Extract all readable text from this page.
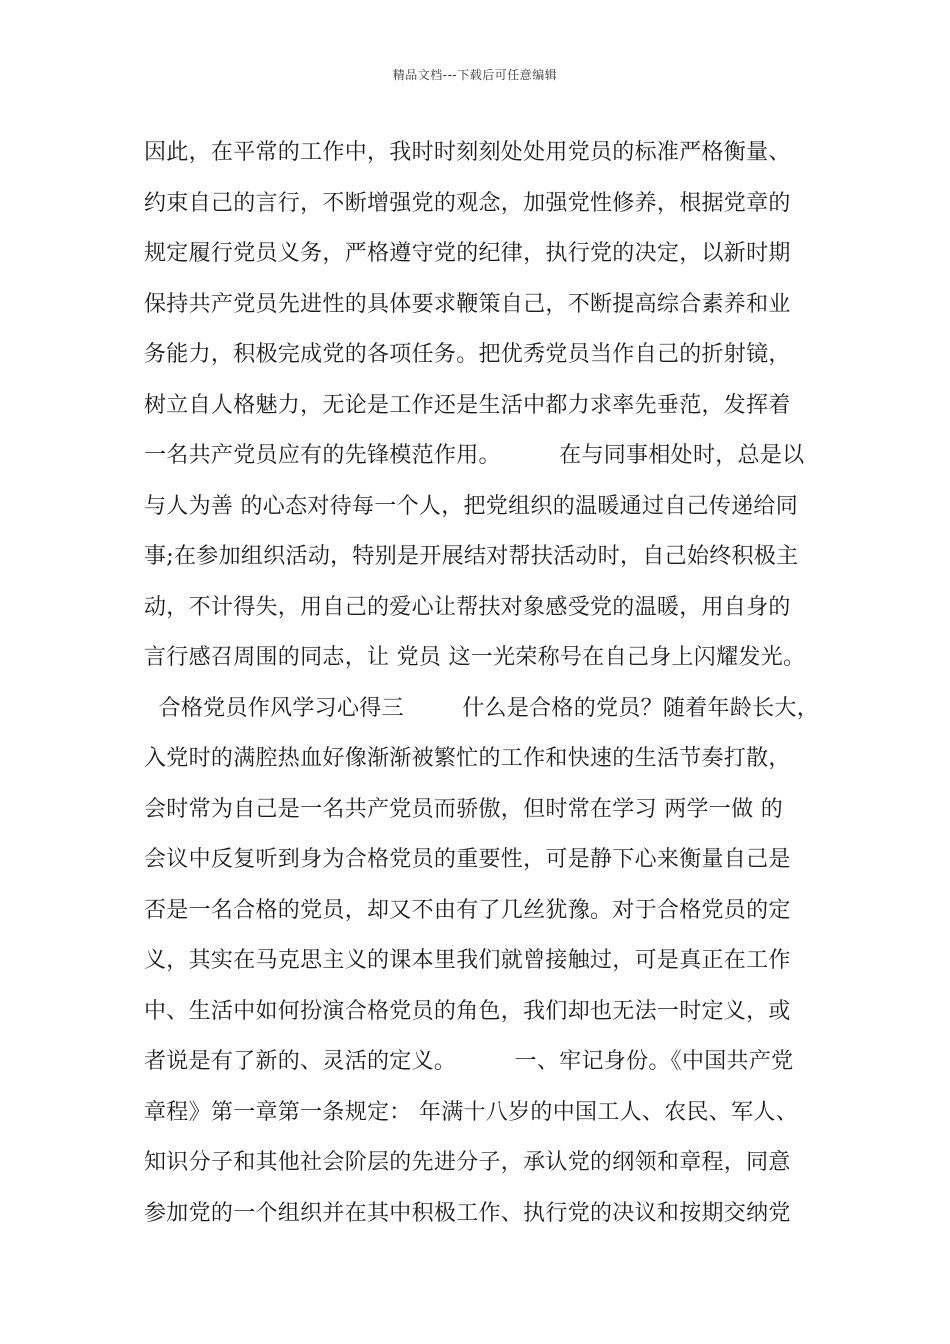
精品文档---下载后可任意编辑
因此，在平常的工作中，我时时刻刻处处用党员的标准严格衡量、
约束自己的言行，不断增强党的观念，加强党性修养，根据党章的
规定履行党员义务，严格遵守党的纪律，执行党的决定，以新时期
保持共产党员先进性的具体要求鞭策自己，不断提高综合素养和业
务能力，积极完成党的各项任务。把优秀党员当作自己的折射镜，
树立自人格魅力，无论是工作还是生活中都力求率先垂范，发挥着
一名共产党员应有的先锋模范作用。        在与同事相处时，总是以
与人为善 的心态对待每一个人，把党组织的温暖通过自己传递给同
事;在参加组织活动，特别是开展结对帮扶活动时，自己始终积极主
动，不计得失，用自己的爱心让帮扶对象感受党的温暖，用自身的
言行感召周围的同志，让 党员 这一光荣称号在自己身上闪耀发光。
合格党员作风学习心得三        什么是合格的党员？随着年龄长大，
入党时的满腔热血好像渐渐被繁忙的工作和快速的生活节奏打散，
会时常为自己是一名共产党员而骄傲，但时常在学习 两学一做 的
会议中反复听到身为合格党员的重要性，可是静下心来衡量自己是
否是一名合格的党员，却又不由有了几丝犹豫。对于合格党员的定
义，其实在马克思主义的课本里我们就曾接触过，可是真正在工作
中、生活中如何扮演合格党员的角色，我们却也无法一时定义，或
者说是有了新的、灵活的定义。        一、牢记身份。《中国共产党
章程》第一章第一条规定： 年满十八岁的中国工人、农民、军人、
知识分子和其他社会阶层的先进分子，承认党的纲领和章程，同意
参加党的一个组织并在其中积极工作、执行党的决议和按期交纳党
